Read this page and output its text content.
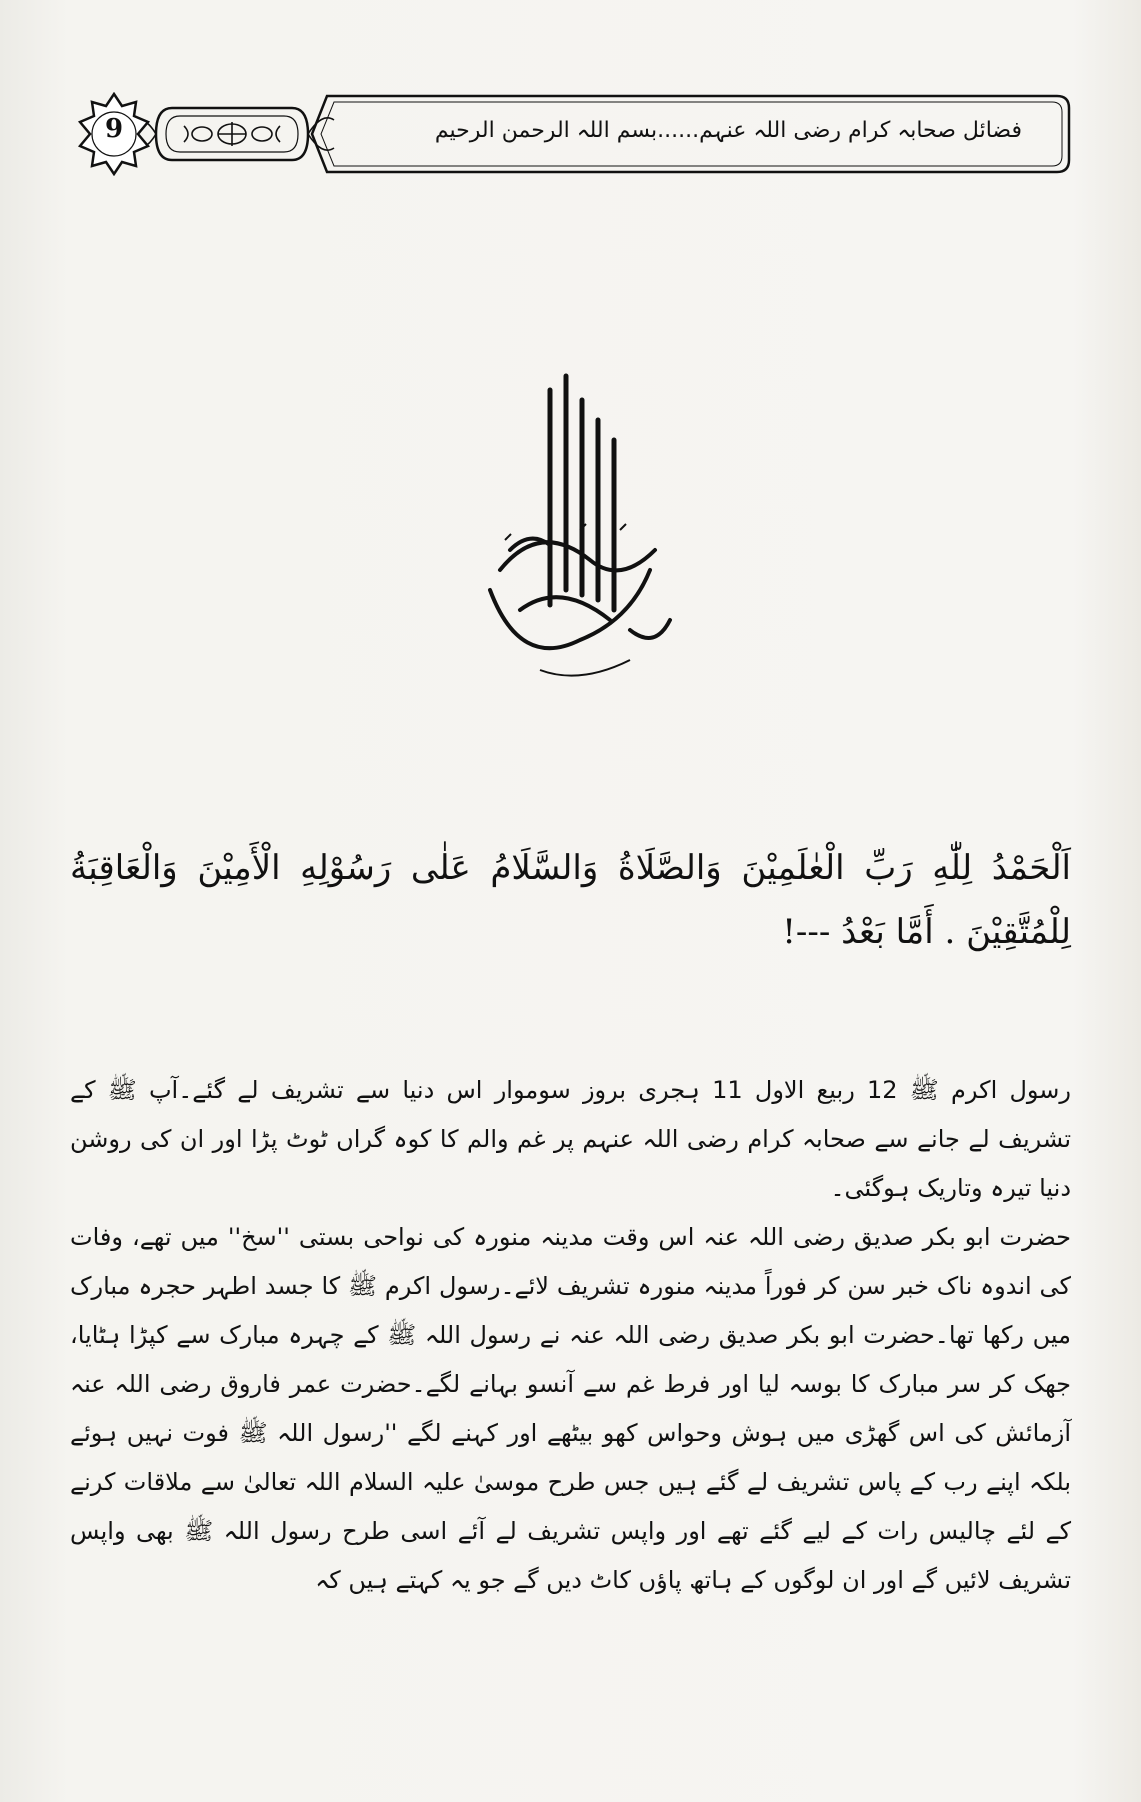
فضائل صحابہ کرام رضی اللہ عنہم......بسم اللہ الرحمن الرحیم
9
اَلْحَمْدُ لِلّٰهِ رَبِّ الْعٰلَمِيْنَ وَالصَّلَاةُ وَالسَّلَامُ عَلٰى رَسُوْلِهِ الْأَمِيْنَ وَالْعَاقِبَةُ لِلْمُتَّقِيْنَ . أَمَّا بَعْدُ ---!

رسول اکرم ﷺ 12 ربیع الاول 11 ہجری بروز سوموار اس دنیا سے تشریف لے گئے۔آپ ﷺ کے تشریف لے جانے سے صحابہ کرام رضی اللہ عنہم پر غم والم کا کوہ گراں ٹوٹ پڑا اور ان کی روشن دنیا تیرہ وتاریک ہوگئی۔

حضرت ابو بکر صدیق رضی اللہ عنہ اس وقت مدینہ منورہ کی نواحی بستی ''سخ'' میں تھے، وفات کی اندوہ ناک خبر سن کر فوراً مدینہ منورہ تشریف لائے۔رسول اکرم ﷺ کا جسد اطہر حجرہ مبارک میں رکھا تھا۔حضرت ابو بکر صدیق رضی اللہ عنہ نے رسول اللہ ﷺ کے چہرہ مبارک سے کپڑا ہٹایا، جھک کر سر مبارک کا بوسہ لیا اور فرط غم سے آنسو بہانے لگے۔حضرت عمر فاروق رضی اللہ عنہ آزمائش کی اس گھڑی میں ہوش وحواس کھو بیٹھے اور کہنے لگے ''رسول اللہ ﷺ فوت نہیں ہوئے بلکہ اپنے رب کے پاس تشریف لے گئے ہیں جس طرح موسیٰ علیہ السلام اللہ تعالیٰ سے ملاقات کرنے کے لئے چالیس رات کے لیے گئے تھے اور واپس تشریف لے آئے اسی طرح رسول اللہ ﷺ بھی واپس تشریف لائیں گے اور ان لوگوں کے ہاتھ پاؤں کاٹ دیں گے جو یہ کہتے ہیں کہ
